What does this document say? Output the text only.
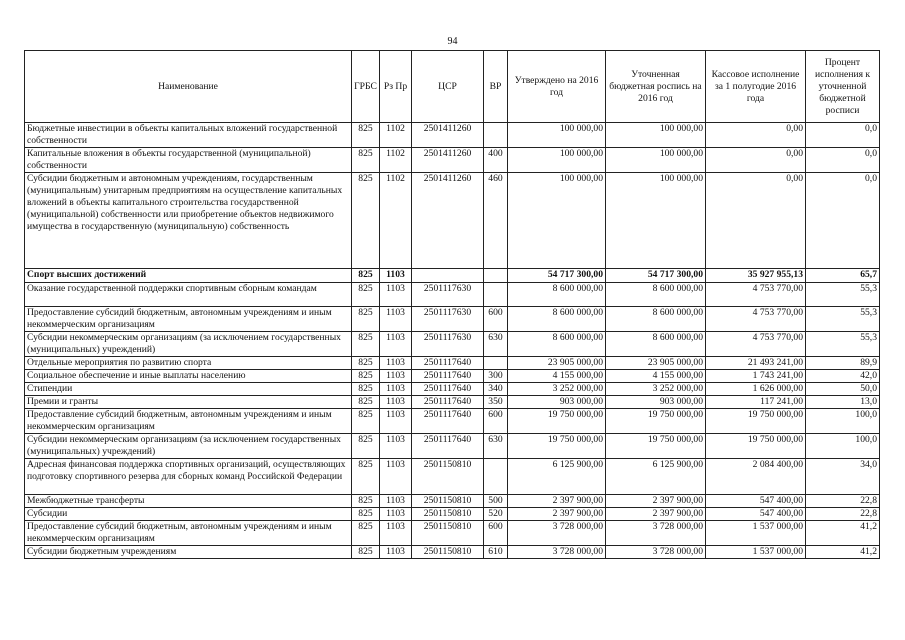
94
Наименование	ГРБС	Рз Пр	ЦСР	ВР	Утверждено на 2016 год	Уточненная бюджетная роспись на 2016 год	Кассовое исполнение за 1 полугодие 2016 года	Процент исполнения к уточненной бюджетной росписи
Бюджетные инвестиции в объекты капитальных вложений государственной собственности	825	1102	2501411260		100 000,00	100 000,00	0,00	0,0
Капитальные вложения в объекты государственной (муниципальной) собственности	825	1102	2501411260	400	100 000,00	100 000,00	0,00	0,0
Субсидии бюджетным и автономным учреждениям, государственным (муниципальным) унитарным предприятиям на осуществление капитальных вложений в объекты капитального строительства государственной (муниципальной) собственности или приобретение объектов недвижимого имущества в государственную (муниципальную) собственность	825	1102	2501411260	460	100 000,00	100 000,00	0,00	0,0
Спорт высших достижений	825	1103			54 717 300,00	54 717 300,00	35 927 955,13	65,7
Оказание государственной поддержки спортивным сборным командам	825	1103	2501117630		8 600 000,00	8 600 000,00	4 753 770,00	55,3
Предоставление субсидий бюджетным, автономным учреждениям и иным некоммерческим организациям	825	1103	2501117630	600	8 600 000,00	8 600 000,00	4 753 770,00	55,3
Субсидии некоммерческим организациям (за исключением государственных (муниципальных) учреждений)	825	1103	2501117630	630	8 600 000,00	8 600 000,00	4 753 770,00	55,3
Отдельные мероприятия по развитию спорта	825	1103	2501117640		23 905 000,00	23 905 000,00	21 493 241,00	89,9
Социальное обеспечение и иные выплаты населению	825	1103	2501117640	300	4 155 000,00	4 155 000,00	1 743 241,00	42,0
Стипендии	825	1103	2501117640	340	3 252 000,00	3 252 000,00	1 626 000,00	50,0
Премии и гранты	825	1103	2501117640	350	903 000,00	903 000,00	117 241,00	13,0
Предоставление субсидий бюджетным, автономным учреждениям и иным некоммерческим организациям	825	1103	2501117640	600	19 750 000,00	19 750 000,00	19 750 000,00	100,0
Субсидии некоммерческим организациям (за исключением государственных (муниципальных) учреждений)	825	1103	2501117640	630	19 750 000,00	19 750 000,00	19 750 000,00	100,0
Адресная финансовая поддержка спортивных организаций, осуществляющих подготовку спортивного резерва для сборных команд Российской Федерации	825	1103	2501150810		6 125 900,00	6 125 900,00	2 084 400,00	34,0
Межбюджетные трансферты	825	1103	2501150810	500	2 397 900,00	2 397 900,00	547 400,00	22,8
Субсидии	825	1103	2501150810	520	2 397 900,00	2 397 900,00	547 400,00	22,8
Предоставление субсидий бюджетным, автономным учреждениям и иным некоммерческим организациям	825	1103	2501150810	600	3 728 000,00	3 728 000,00	1 537 000,00	41,2
Субсидии бюджетным учреждениям	825	1103	2501150810	610	3 728 000,00	3 728 000,00	1 537 000,00	41,2
